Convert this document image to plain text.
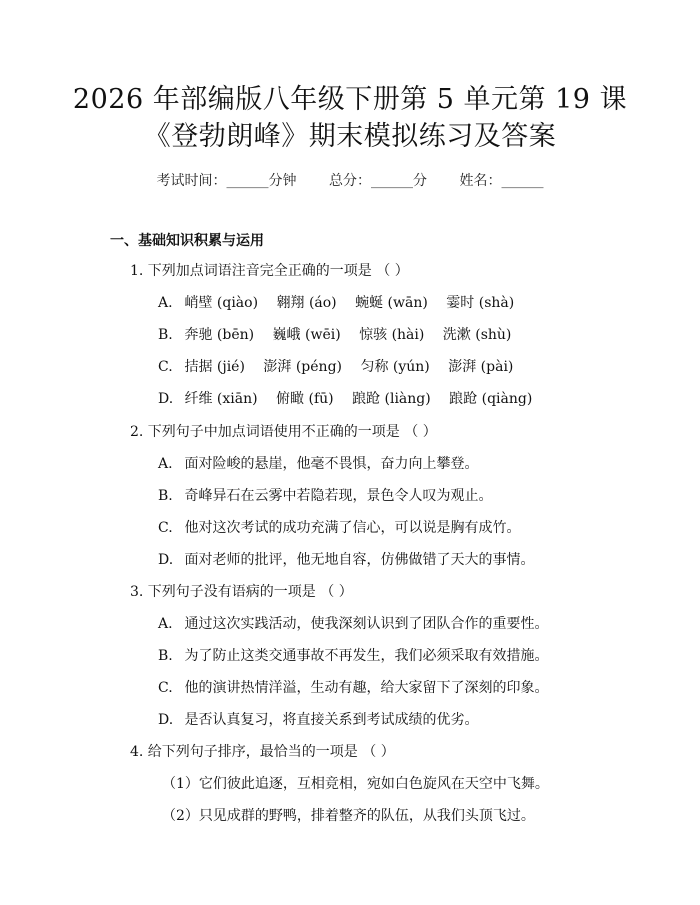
2026 年部编版八年级下册第 5 单元第 19 课
《登勃朗峰》期末模拟练习及答案
考试时间：______分钟 总分：______分 姓名：______
一、基础知识积累与运用
1. 下列加点词语注音完全正确的一项是 （ ）
A. 峭壁 (qiào) 翱翔 (áo) 蜿蜒 (wān) 霎时 (shà)
B. 奔驰 (bēn) 巍峨 (wēi) 惊骇 (hài) 洗漱 (shù)
C. 拮据 (jié) 澎湃 (péng) 匀称 (yún) 澎湃 (pài)
D. 纤维 (xiān) 俯瞰 (fū) 踉跄 (liàng) 踉跄 (qiàng)
2. 下列句子中加点词语使用不正确的一项是 （ ）
A. 面对险峻的悬崖，他毫不畏惧，奋力向上攀登。
B. 奇峰异石在云雾中若隐若现，景色令人叹为观止。
C. 他对这次考试的成功充满了信心，可以说是胸有成竹。
D. 面对老师的批评，他无地自容，仿佛做错了天大的事情。
3. 下列句子没有语病的一项是 （ ）
A. 通过这次实践活动，使我深刻认识到了团队合作的重要性。
B. 为了防止这类交通事故不再发生，我们必须采取有效措施。
C. 他的演讲热情洋溢，生动有趣，给大家留下了深刻的印象。
D. 是否认真复习，将直接关系到考试成绩的优劣。
4. 给下列句子排序，最恰当的一项是 （ ）
（1）它们彼此追逐，互相竞相，宛如白色旋风在天空中飞舞。
（2）只见成群的野鸭，排着整齐的队伍，从我们头顶飞过。
